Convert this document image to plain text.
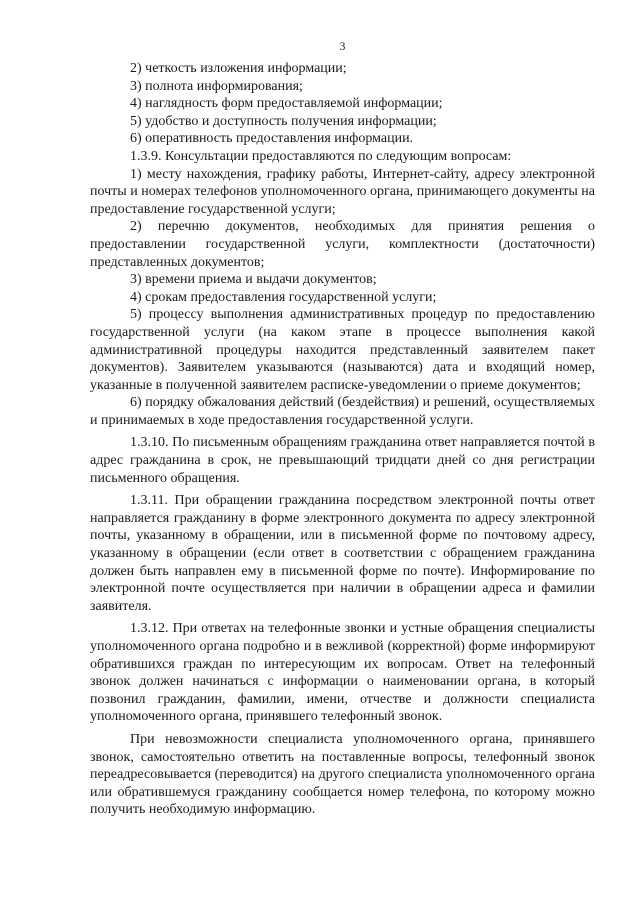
3

2) четкость изложения информации;

3) полнота информирования;

4) наглядность форм предоставляемой информации;

5) удобство и доступность получения информации;

6) оперативность предоставления информации.

1.3.9. Консультации предоставляются по следующим вопросам:

1) месту нахождения, графику работы, Интернет-сайту, адресу электронной почты и номерах телефонов уполномоченного органа, принимающего документы на предоставление государственной услуги;

2) перечню документов, необходимых для принятия решения о предоставлении государственной услуги, комплектности (достаточности) представленных документов;

3) времени приема и выдачи документов;

4) срокам предоставления государственной услуги;

5) процессу выполнения административных процедур по предоставлению государственной услуги (на каком этапе в процессе выполнения какой административной процедуры находится представленный заявителем пакет документов). Заявителем указываются (называются) дата и входящий номер, указанные в полученной заявителем расписке-уведомлении о приеме документов;

6) порядку обжалования действий (бездействия) и решений, осуществляемых и принимаемых в ходе предоставления государственной услуги.

1.3.10. По письменным обращениям гражданина ответ направляется почтой в адрес гражданина в срок, не превышающий тридцати дней со дня регистрации письменного обращения.

1.3.11. При обращении гражданина посредством электронной почты ответ направляется гражданину в форме электронного документа по адресу электронной почты, указанному в обращении, или в письменной форме по почтовому адресу, указанному в обращении (если ответ в соответствии с обращением гражданина должен быть направлен ему в письменной форме по почте). Информирование по электронной почте осуществляется при наличии в обращении адреса и фамилии заявителя.

1.3.12. При ответах на телефонные звонки и устные обращения специалисты уполномоченного органа подробно и в вежливой (корректной) форме информируют обратившихся граждан по интересующим их вопросам. Ответ на телефонный звонок должен начинаться с информации о наименовании органа, в который позвонил гражданин, фамилии, имени, отчестве и должности специалиста уполномоченного органа, принявшего телефонный звонок.

При невозможности специалиста уполномоченного органа, принявшего звонок, самостоятельно ответить на поставленные вопросы, телефонный звонок переадресовывается (переводится) на другого специалиста уполномоченного органа или обратившемуся гражданину сообщается номер телефона, по которому можно получить необходимую информацию.
